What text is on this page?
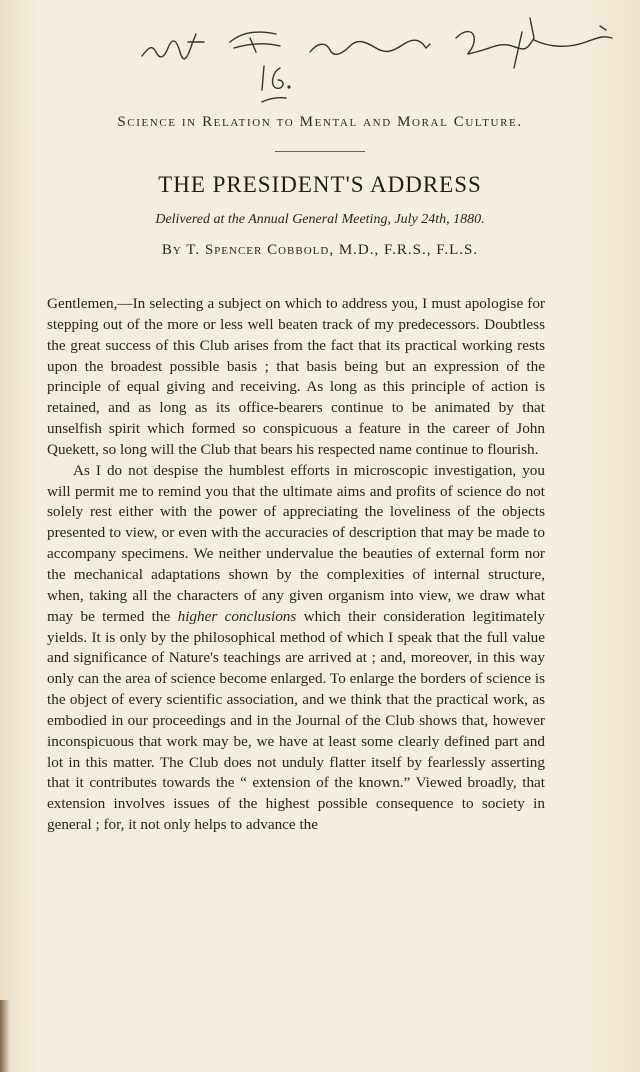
16.
Science in Relation to Mental and Moral Culture.
THE PRESIDENT'S ADDRESS
Delivered at the Annual General Meeting, July 24th, 1880.
By T. Spencer Cobbold, M.D., F.R.S., F.L.S.

Gentlemen,—In selecting a subject on which to address you, I must apologise for stepping out of the more or less well beaten track of my predecessors. Doubtless the great success of this Club arises from the fact that its practical working rests upon the broadest possible basis ; that basis being but an expression of the principle of equal giving and receiving. As long as this principle of action is retained, and as long as its office-bearers continue to be animated by that unselfish spirit which formed so conspicuous a feature in the career of John Quekett, so long will the Club that bears his respected name continue to flourish.

As I do not despise the humblest efforts in microscopic investigation, you will permit me to remind you that the ultimate aims and profits of science do not solely rest either with the power of appreciating the loveliness of the objects presented to view, or even with the accuracies of description that may be made to accompany specimens. We neither undervalue the beauties of external form nor the mechanical adaptations shown by the complexities of internal structure, when, taking all the characters of any given organism into view, we draw what may be termed the higher conclusions which their consideration legitimately yields. It is only by the philosophical method of which I speak that the full value and significance of Nature's teachings are arrived at ; and, moreover, in this way only can the area of science become enlarged. To enlarge the borders of science is the object of every scientific association, and we think that the practical work, as embodied in our proceedings and in the Journal of the Club shows that, however inconspicuous that work may be, we have at least some clearly defined part and lot in this matter. The Club does not unduly flatter itself by fearlessly asserting that it contributes towards the “ extension of the known.” Viewed broadly, that extension involves issues of the highest possible consequence to society in general ; for, it not only helps to advance the
